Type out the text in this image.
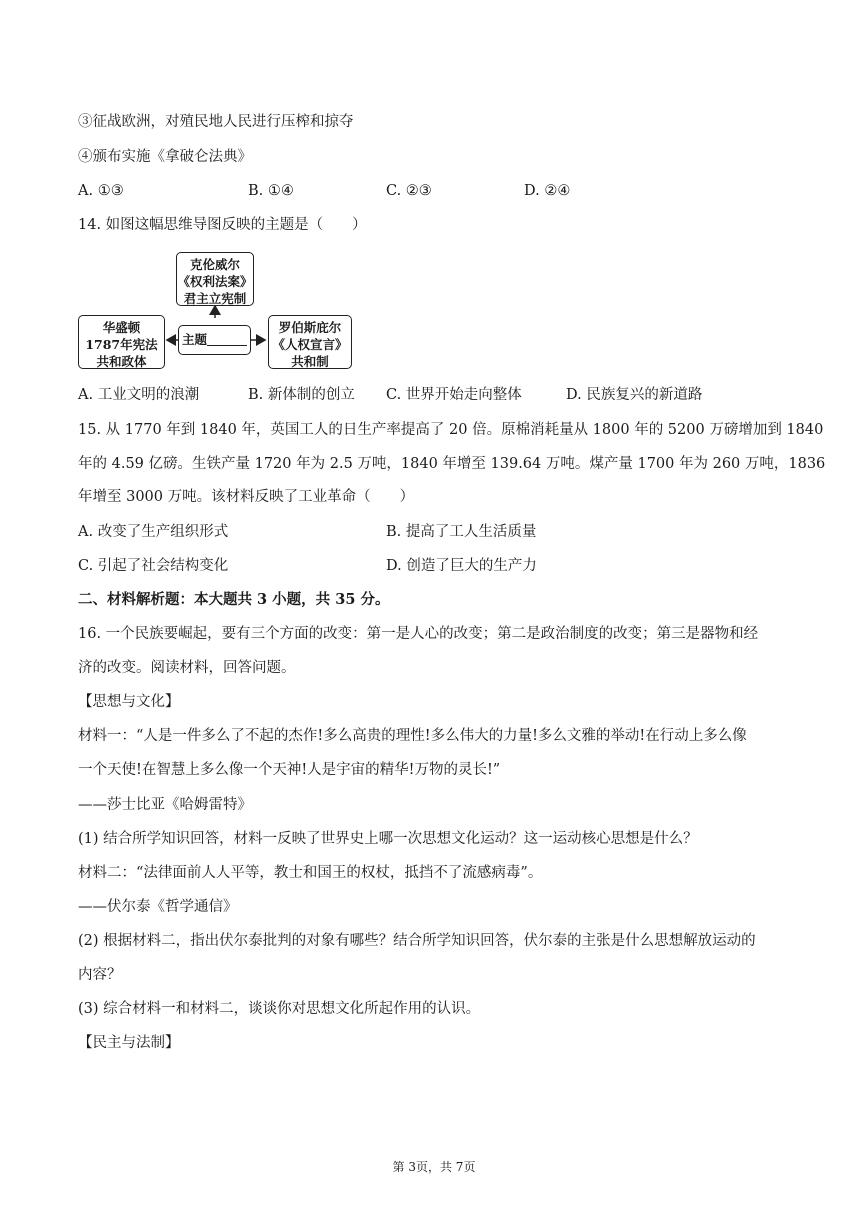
③征战欧洲，对殖民地人民进行压榨和掠夺
④颁布实施《拿破仑法典》
A. ①③	B. ①④	C. ②③	D. ②④
14. 如图这幅思维导图反映的主题是（　　）
克伦威尔
《权利法案》
君主立宪制
华盛顿
1787年宪法
共和政体
主题
罗伯斯庇尔
《人权宣言》
共和制
A. 工业文明的浪潮	B. 新体制的创立 C. 世界开始走向整体	D. 民族复兴的新道路
15. 从 1770 年到 1840 年，英国工人的日生产率提高了 20 倍。原棉消耗量从 1800 年的 5200 万磅增加到 1840
年的 4.59 亿磅。生铁产量 1720 年为 2.5 万吨，1840 年增至 139.64 万吨。煤产量 1700 年为 260 万吨，1836
年增至 3000 万吨。该材料反映了工业革命（　　）
A. 改变了生产组织形式	B. 提高了工人生活质量
C. 引起了社会结构变化	D. 创造了巨大的生产力
二、材料解析题：本大题共 3 小题，共 35 分。
16. 一个民族要崛起，要有三个方面的改变：第一是人心的改变；第二是政治制度的改变；第三是器物和经
济的改变。阅读材料，回答问题。
【思想与文化】
材料一：“人是一件多么了不起的杰作!多么高贵的理性!多么伟大的力量!多么文雅的举动!在行动上多么像
一个天使!在智慧上多么像一个天神!人是宇宙的精华!万物的灵长!”
——莎士比亚《哈姆雷特》
(1) 结合所学知识回答，材料一反映了世界史上哪一次思想文化运动？这一运动核心思想是什么？
材料二：“法律面前人人平等，教士和国王的权杖，抵挡不了流感病毒”。
——伏尔泰《哲学通信》
(2) 根据材料二，指出伏尔泰批判的对象有哪些？结合所学知识回答，伏尔泰的主张是什么思想解放运动的
内容？
(3) 综合材料一和材料二，谈谈你对思想文化所起作用的认识。
【民主与法制】
第 3页，共 7页
